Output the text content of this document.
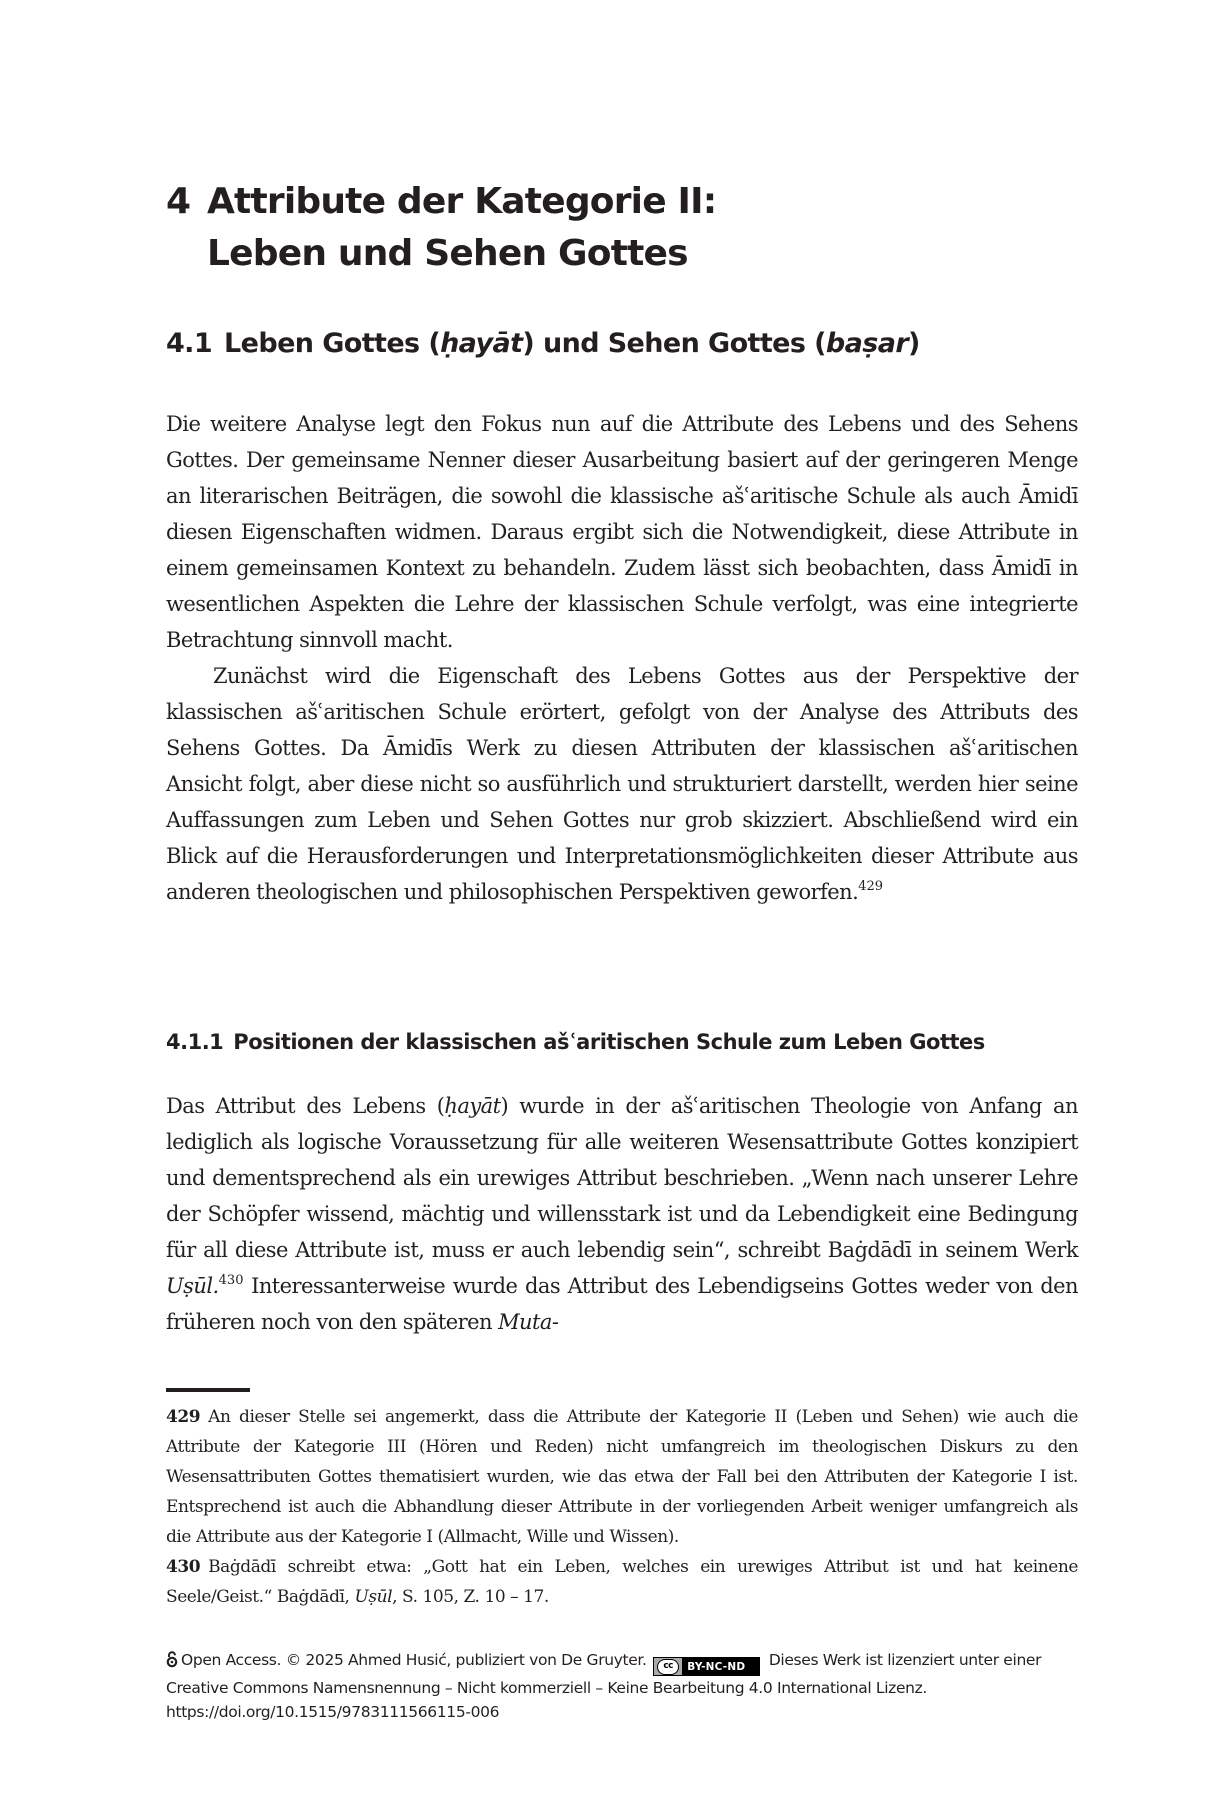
4 Attribute der Kategorie II:
Leben und Sehen Gottes
4.1 Leben Gottes (ḥayāt) und Sehen Gottes (baṣar)

Die weitere Analyse legt den Fokus nun auf die Attribute des Lebens und des Sehens Gottes. Der gemeinsame Nenner dieser Ausarbeitung basiert auf der geringeren Menge an literarischen Beiträgen, die sowohl die klassische ašʿaritische Schule als auch Āmidī diesen Eigenschaften widmen. Daraus ergibt sich die Notwendigkeit, diese Attribute in einem gemeinsamen Kontext zu behandeln. Zudem lässt sich beobachten, dass Āmidī in wesentlichen Aspekten die Lehre der klassischen Schule verfolgt, was eine integrierte Betrachtung sinnvoll macht.

Zunächst wird die Eigenschaft des Lebens Gottes aus der Perspektive der klassischen ašʿaritischen Schule erörtert, gefolgt von der Analyse des Attributs des Sehens Gottes. Da Āmidīs Werk zu diesen Attributen der klassischen ašʿaritischen Ansicht folgt, aber diese nicht so ausführlich und strukturiert darstellt, werden hier seine Auffassungen zum Leben und Sehen Gottes nur grob skizziert. Abschließend wird ein Blick auf die Herausforderungen und Interpretationsmöglichkeiten dieser Attribute aus anderen theologischen und philosophischen Perspektiven geworfen.$^{429}$

4.1.1 Positionen der klassischen ašʿaritischen Schule zum Leben Gottes

Das Attribut des Lebens (ḥayāt) wurde in der ašʿaritischen Theologie von Anfang an lediglich als logische Voraussetzung für alle weiteren Wesensattribute Gottes konzipiert und dementsprechend als ein urewiges Attribut beschrieben. „Wenn nach unserer Lehre der Schöpfer wissend, mächtig und willensstark ist und da Lebendigkeit eine Bedingung für all diese Attribute ist, muss er auch lebendig sein“, schreibt Baġdādī in seinem Werk Uṣūl.$^{430}$ Interessanterweise wurde das Attribut des Lebendigseins Gottes weder von den früheren noch von den späteren Muta-

429 An dieser Stelle sei angemerkt, dass die Attribute der Kategorie II (Leben und Sehen) wie auch die Attribute der Kategorie III (Hören und Reden) nicht umfangreich im theologischen Diskurs zu den Wesensattributen Gottes thematisiert wurden, wie das etwa der Fall bei den Attributen der Kategorie I ist. Entsprechend ist auch die Abhandlung dieser Attribute in der vorliegenden Arbeit weniger umfangreich als die Attribute aus der Kategorie I (Allmacht, Wille und Wissen).

430 Baġdādī schreibt etwa: „Gott hat ein Leben, welches ein urewiges Attribut ist und hat keinene Seele/Geist.“ Baġdādī, Uṣūl, S. 105, Z. 10 – 17.

Open Access. © 2025 Ahmed Husić, publiziert von De Gruyter.	cc	BY-NC-ND Dieses Werk ist lizenziert unter einer
Creative Commons Namensnennung – Nicht kommerziell – Keine Bearbeitung 4.0 International Lizenz.
https://doi.org/10.1515/9783111566115-006
